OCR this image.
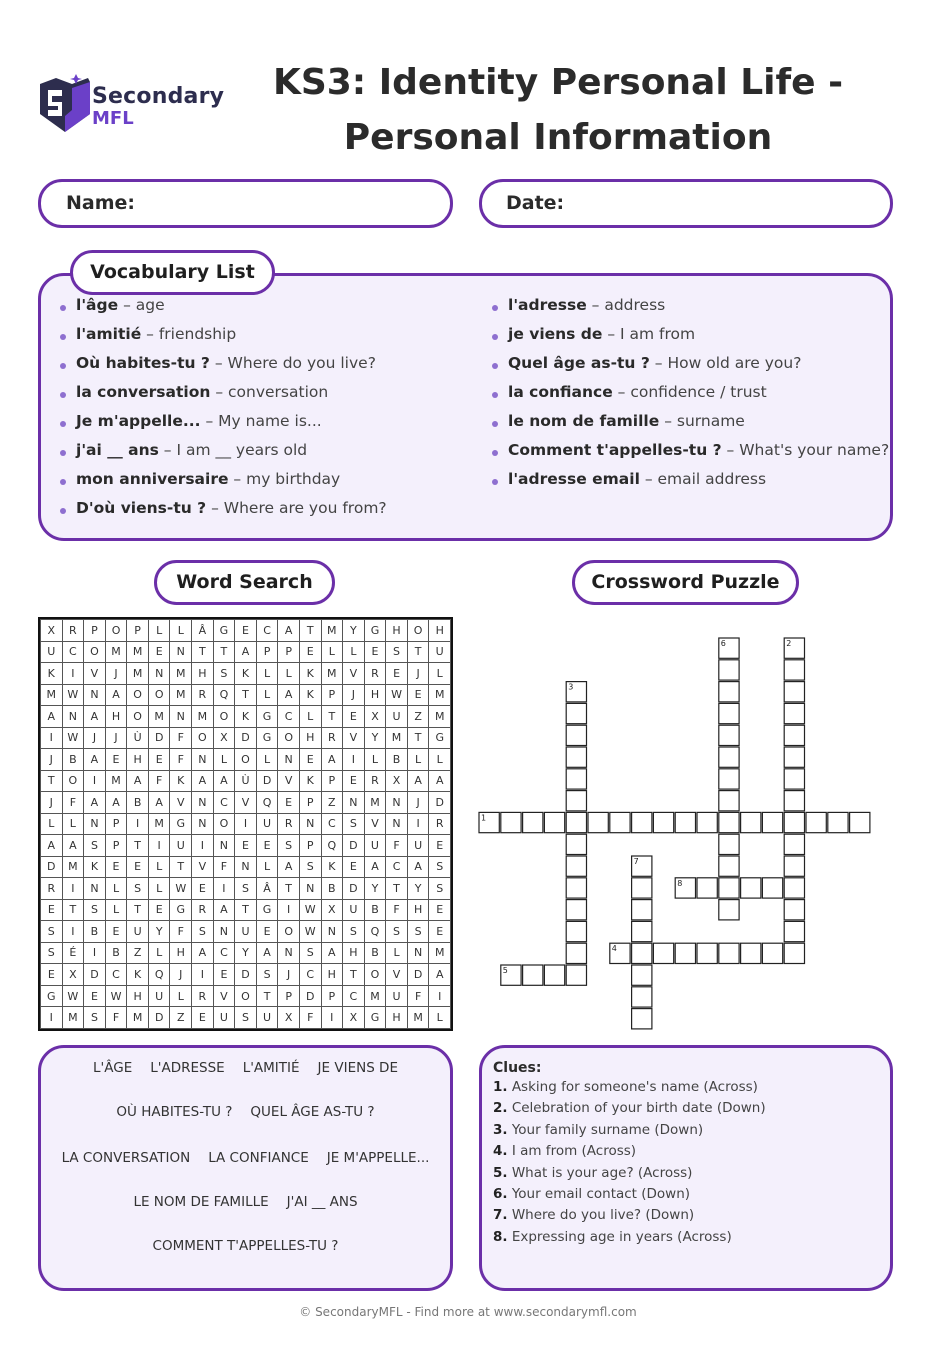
Secondary
MFL
KS3: Identity Personal Life -
Personal Information
Name:	Date:
Vocabulary List
l'âge – age
l'amitié – friendship
Où habites-tu ? – Where do you live?
la conversation – conversation
Je m'appelle... – My name is...
j'ai __ ans – I am __ years old
mon anniversaire – my birthday
D'où viens-tu ? – Where are you from?
l'adresse – address
je viens de – I am from
Quel âge as-tu ? – How old are you?
la confiance – confidence / trust
le nom de famille – surname
Comment t'appelles-tu ? – What's your name?
l'adresse email – email address
Word Search
X	R	P	O	P	L	L	Â	G	E	C	A	T	M	Y	G	H	O	H
U	C	O	M	M	E	N	T	T	A	P	P	E	L	L	E	S	T	U
K	I	V	J	M	N	M	H	S	K	L	L	K	M	V	R	E	J	L
M	W	N	A	O	O	M	R	Q	T	L	A	K	P	J	H	W	E	M
A	N	A	H	O	M	N	M	O	K	G	C	L	T	E	X	U	Z	M
I	W	J	J	Ù	D	F	O	X	D	G	O	H	R	V	Y	M	T	G
J	B	A	E	H	E	F	N	L	O	L	N	E	A	I	L	B	L	L
T	O	I	M	A	F	K	A	A	Ù	D	V	K	P	E	R	X	A	A
J	F	A	A	B	A	V	N	C	V	Q	E	P	Z	N	M	N	J	D
L	L	N	P	I	M	G	N	O	I	U	R	N	C	S	V	N	I	R
A	A	S	P	T	I	U	I	N	E	E	S	P	Q	D	U	F	U	E
D	M	K	E	E	L	T	V	F	N	L	A	S	K	E	A	C	A	S
R	I	N	L	S	L	W	E	I	S	Â	T	N	B	D	Y	T	Y	S
E	T	S	L	T	E	G	R	A	T	G	I	W	X	U	B	F	H	E
S	I	B	E	U	Y	F	S	N	U	E	O	W	N	S	Q	S	S	E
S	É	I	B	Z	L	H	A	C	Y	A	N	S	A	H	B	L	N	M
E	X	D	C	K	Q	J	I	E	D	S	J	C	H	T	O	V	D	A
G	W	E	W	H	U	L	R	V	O	T	P	D	P	C	M	U	F	I
I	M	S	F	M	D	Z	E	U	S	U	X	F	I	X	G	H	M	L
Crossword Puzzle
1
2
3
4
5
6
7
8
L'ÂGE L'ADRESSE L'AMITIÉ JE VIENS DE
OÙ HABITES-TU ? QUEL ÂGE AS-TU ?
LA CONVERSATION LA CONFIANCE JE M'APPELLE...
LE NOM DE FAMILLE J'AI __ ANS
COMMENT T'APPELLES-TU ?
Clues:
1. Asking for someone's name (Across)
2. Celebration of your birth date (Down)
3. Your family surname (Down)
4. I am from (Across)
5. What is your age? (Across)
6. Your email contact (Down)
7. Where do you live? (Down)
8. Expressing age in years (Across)
© SecondaryMFL - Find more at www.secondarymfl.com
